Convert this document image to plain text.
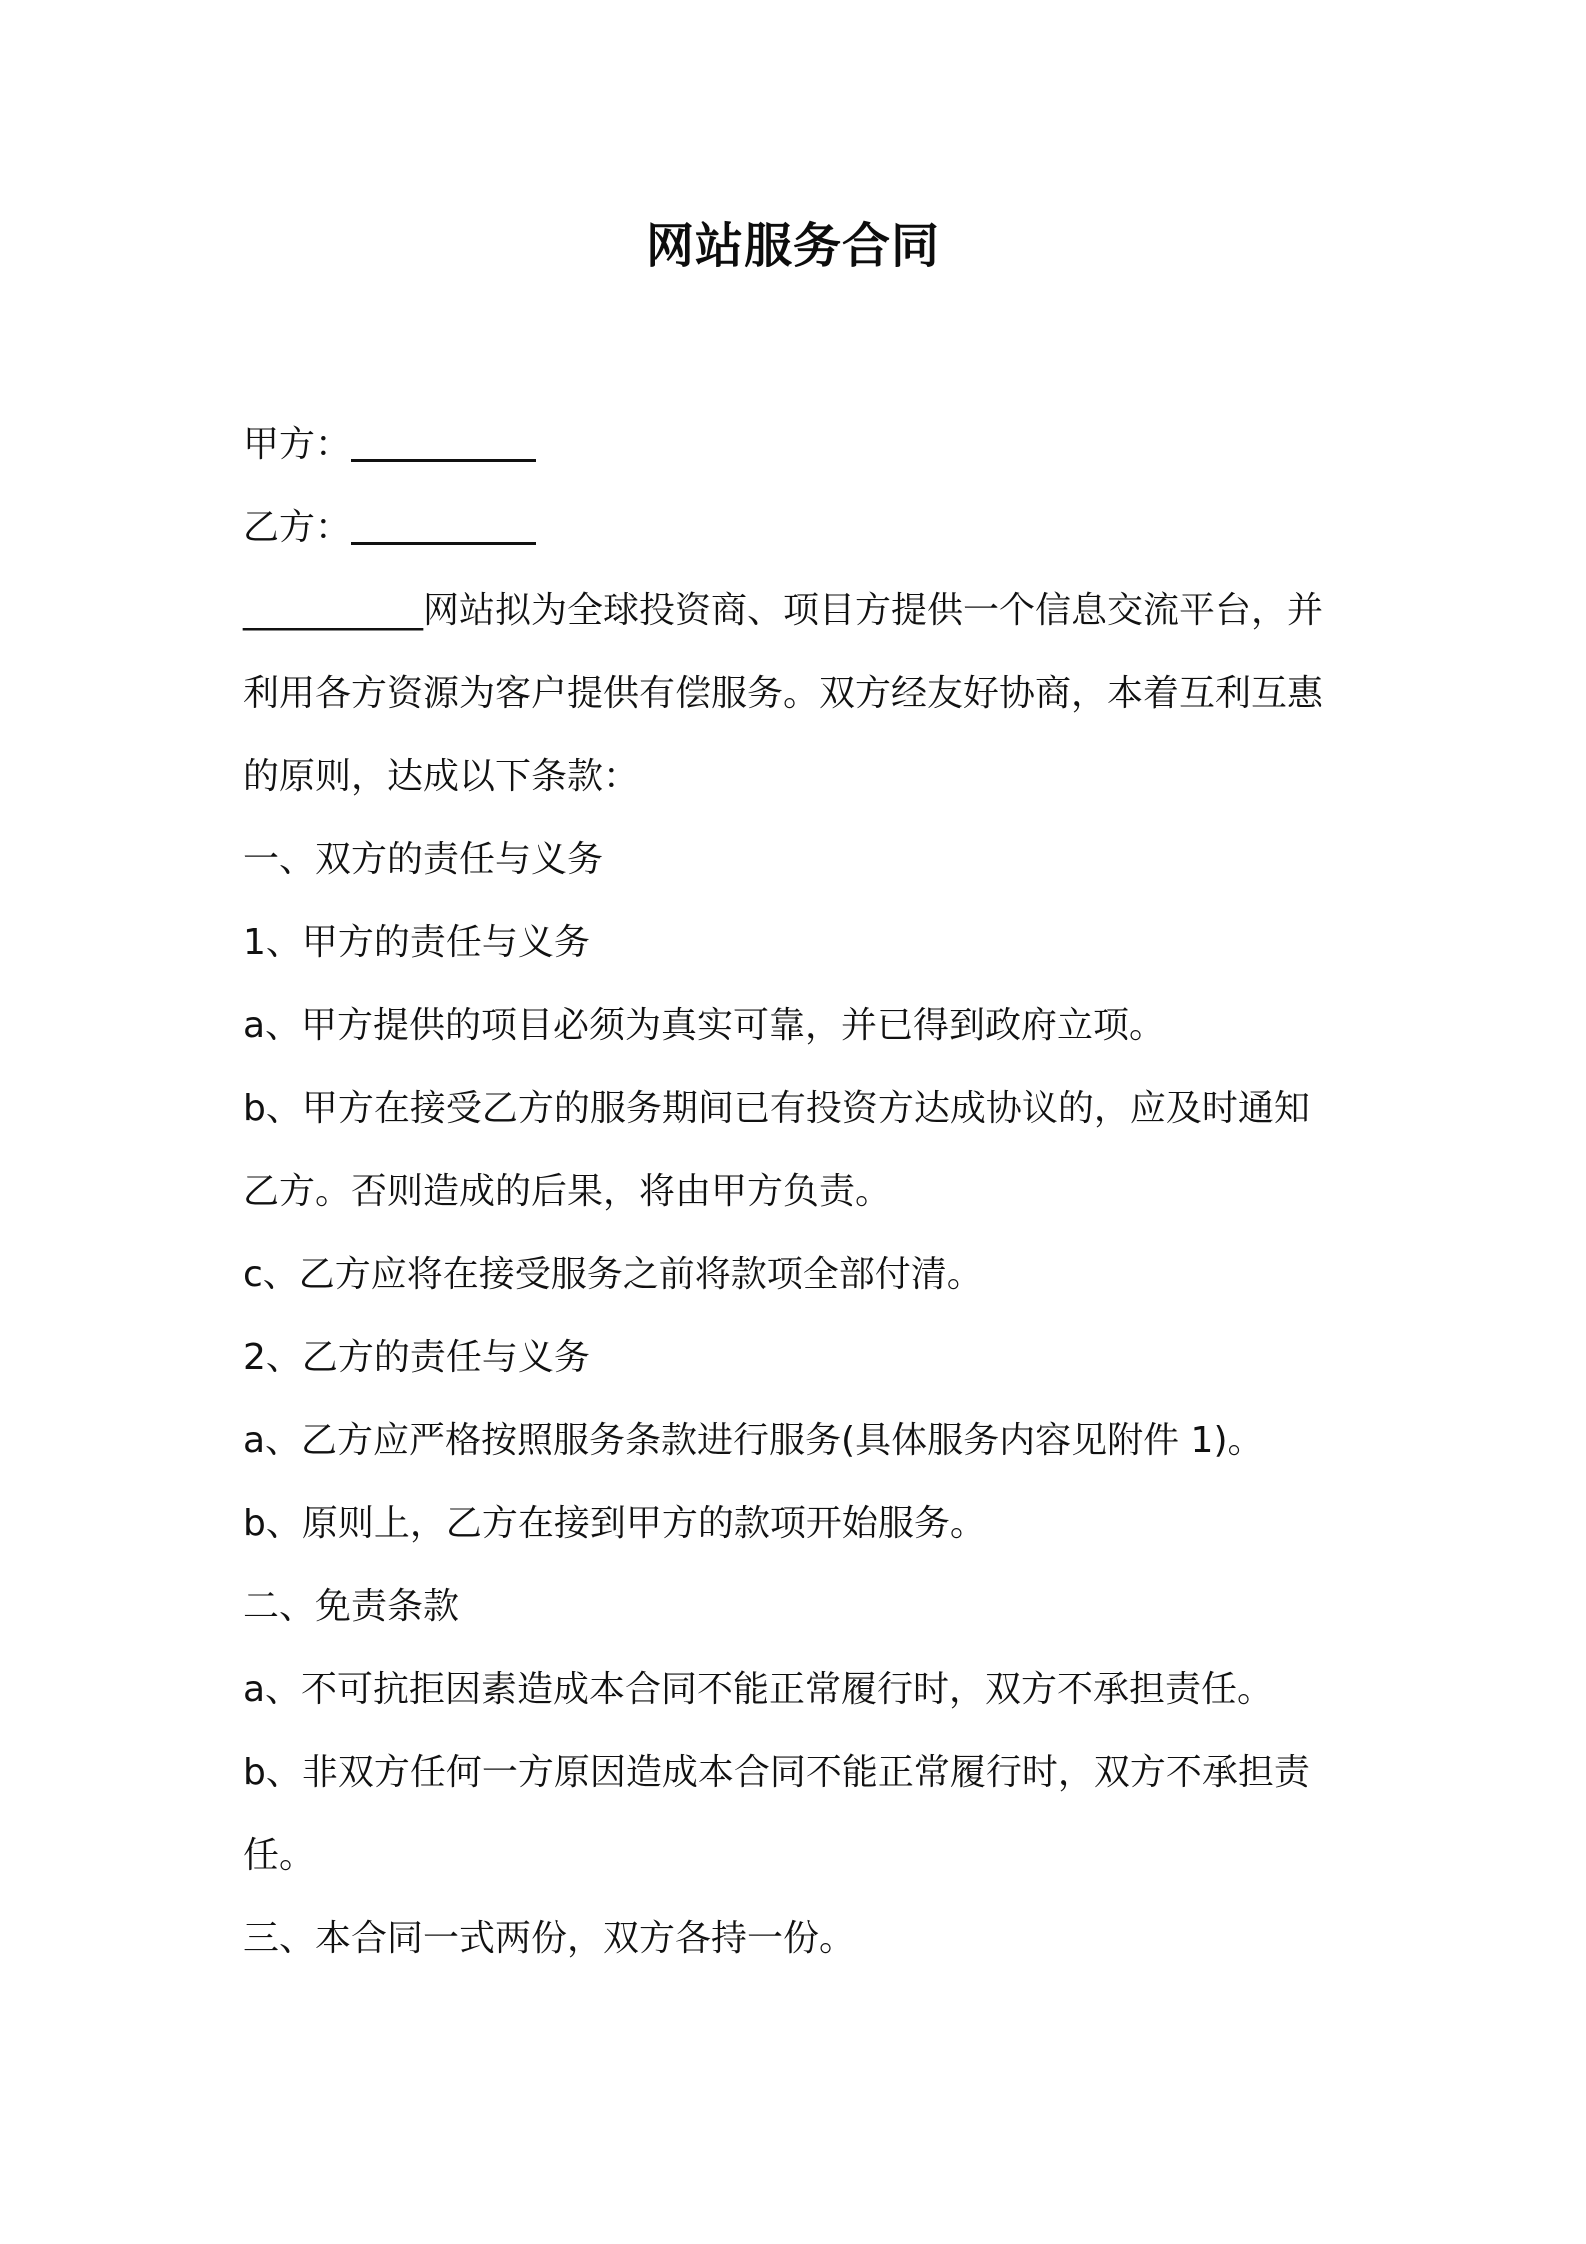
网站服务合同

甲方：

乙方：

__________网站拟为全球投资商、项目方提供一个信息交流平台，并

利用各方资源为客户提供有偿服务。双方经友好协商，本着互利互惠

的原则，达成以下条款：

一、双方的责任与义务

1、甲方的责任与义务

a、甲方提供的项目必须为真实可靠，并已得到政府立项。

b、甲方在接受乙方的服务期间已有投资方达成协议的，应及时通知

乙方。否则造成的后果，将由甲方负责。

c、乙方应将在接受服务之前将款项全部付清。

2、乙方的责任与义务

a、乙方应严格按照服务条款进行服务(具体服务内容见附件 1)。

b、原则上，乙方在接到甲方的款项开始服务。

二、免责条款

a、不可抗拒因素造成本合同不能正常履行时，双方不承担责任。

b、非双方任何一方原因造成本合同不能正常履行时，双方不承担责

任。

三、本合同一式两份，双方各持一份。
